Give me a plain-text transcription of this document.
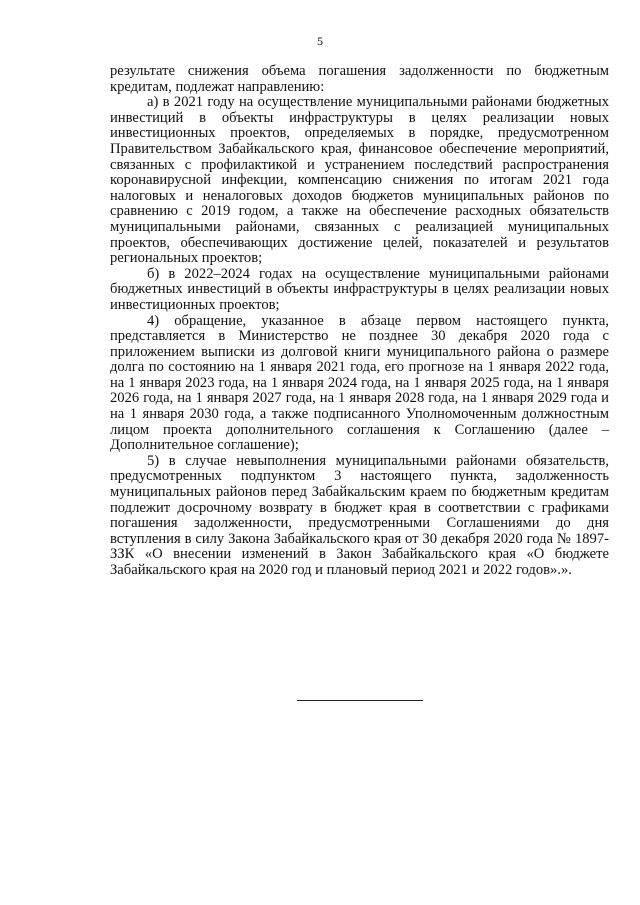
5

результате снижения объема погашения задолженности по бюджетным кредитам, подлежат направлению:

а) в 2021 году на осуществление муниципальными районами бюджетных инвестиций в объекты инфраструктуры в целях реализации новых инвестиционных проектов, определяемых в порядке, предусмотренном Правительством Забайкальского края, финансовое обеспечение мероприятий, связанных с профилактикой и устранением последствий распространения коронавирусной инфекции, компенсацию снижения по итогам 2021 года налоговых и неналоговых доходов бюджетов муниципальных районов по сравнению с 2019 годом, а также на обеспечение расходных обязательств муниципальными районами, связанных с реализацией муниципальных проектов, обеспечивающих достижение целей, показателей и результатов региональных проектов;

б) в 2022–2024 годах на осуществление муниципальными районами бюджетных инвестиций в объекты инфраструктуры в целях реализации новых инвестиционных проектов;

4) обращение, указанное в абзаце первом настоящего пункта, представляется в Министерство не позднее 30 декабря 2020 года с приложением выписки из долговой книги муниципального района о размере долга по состоянию на 1 января 2021 года, его прогнозе на 1 января 2022 года, на 1 января 2023 года, на 1 января 2024 года, на 1 января 2025 года, на 1 января 2026 года, на 1 января 2027 года, на 1 января 2028 года, на 1 января 2029 года и на 1 января 2030 года, а также подписанного Уполномоченным должностным лицом проекта дополнительного соглашения к Соглашению (далее – Дополнительное соглашение);

5) в случае невыполнения муниципальными районами обязательств, предусмотренных подпунктом 3 настоящего пункта, задолженность муниципальных районов перед Забайкальским краем по бюджетным кредитам подлежит досрочному возврату в бюджет края в соответствии с графиками погашения задолженности, предусмотренными Соглашениями до дня вступления в силу Закона Забайкальского края от 30 декабря 2020 года № 1897-ЗЗК «О внесении изменений в Закон Забайкальского края «О бюджете Забайкальского края на 2020 год и плановый период 2021 и 2022 годов».».
